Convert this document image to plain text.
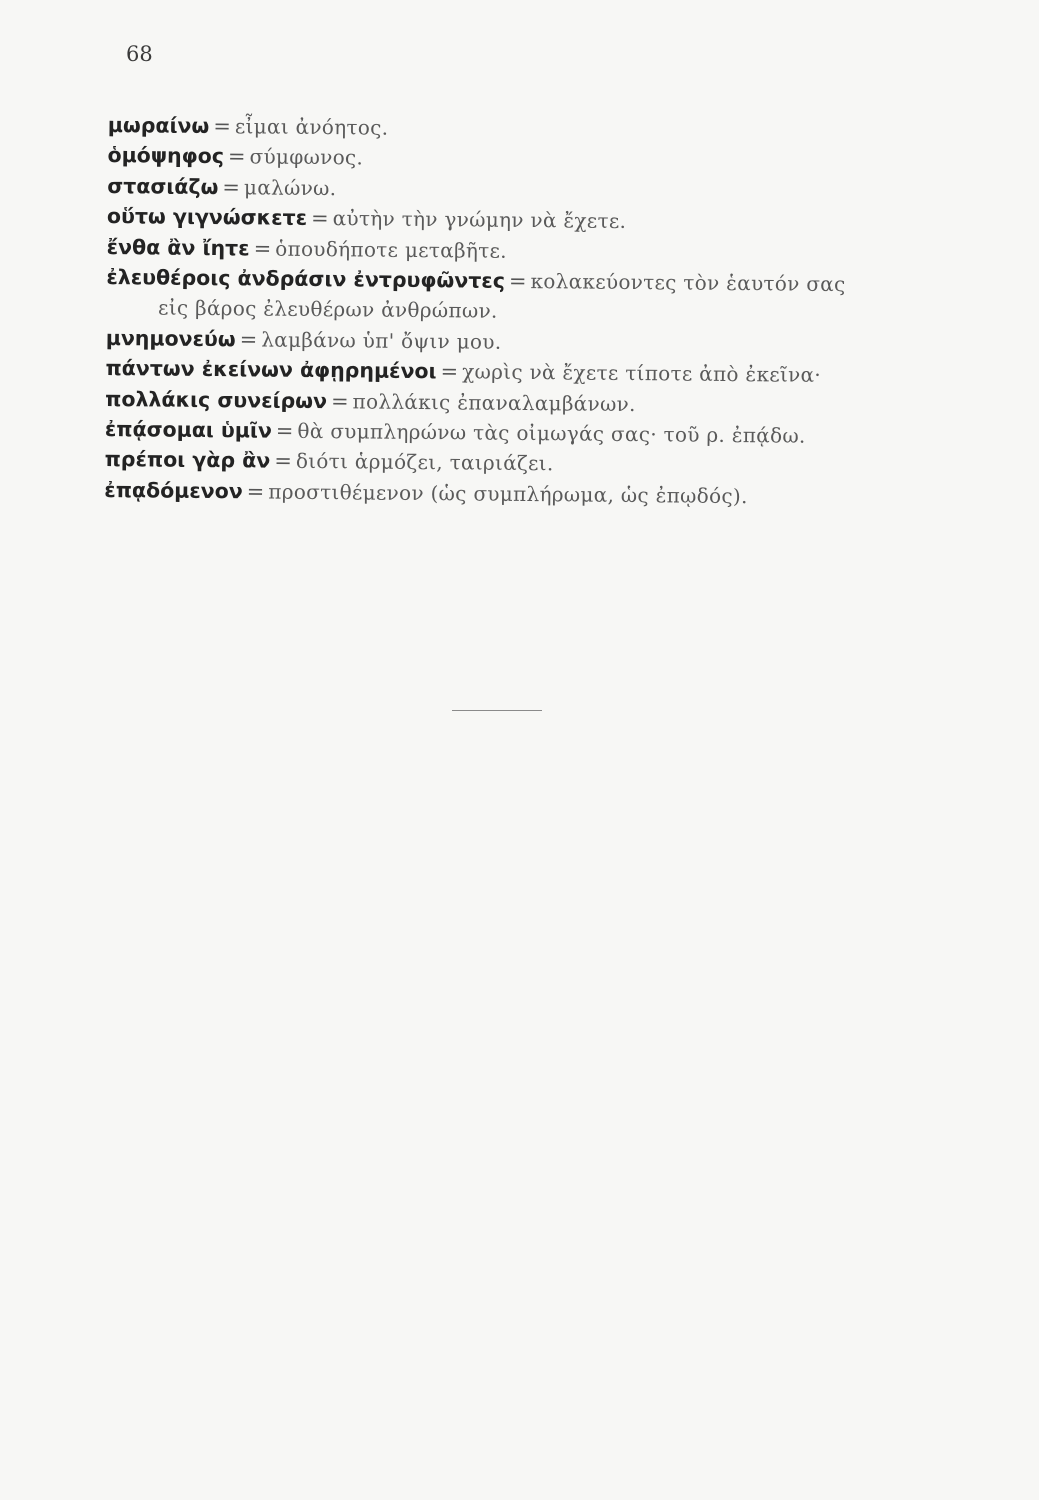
68
μωραίνω = εἶμαι ἀνόητος.
ὁμόψηφος = σύμφωνος.
στασιάζω = μαλώνω.
οὕτω γιγνώσκετε = αὐτὴν τὴν γνώμην νὰ ἔχετε.
ἔνθα ἂν ἴητε = ὁπουδήποτε μεταβῆτε.
ἐλευθέροις ἀνδράσιν ἐντρυφῶντες = κολακεύοντες τὸν ἑαυτόν σας
εἰς βάρος ἐλευθέρων ἀνθρώπων.
μνημονεύω = λαμβάνω ὑπ' ὄψιν μου.
πάντων ἐκείνων ἀφῃρημένοι = χωρὶς νὰ ἔχετε τίποτε ἀπὸ ἐκεῖνα·
πολλάκις συνείρων = πολλάκις ἐπαναλαμβάνων.
ἐπᾴσομαι ὑμῖν = θὰ συμπληρώνω τὰς οἰμωγάς σας· τοῦ ρ. ἐπᾴδω.
πρέποι γὰρ ἂν = διότι ἁρμόζει, ταιριάζει.
ἐπᾳδόμενον = προστιθέμενον (ὡς συμπλήρωμα, ὡς ἐπῳδός).
